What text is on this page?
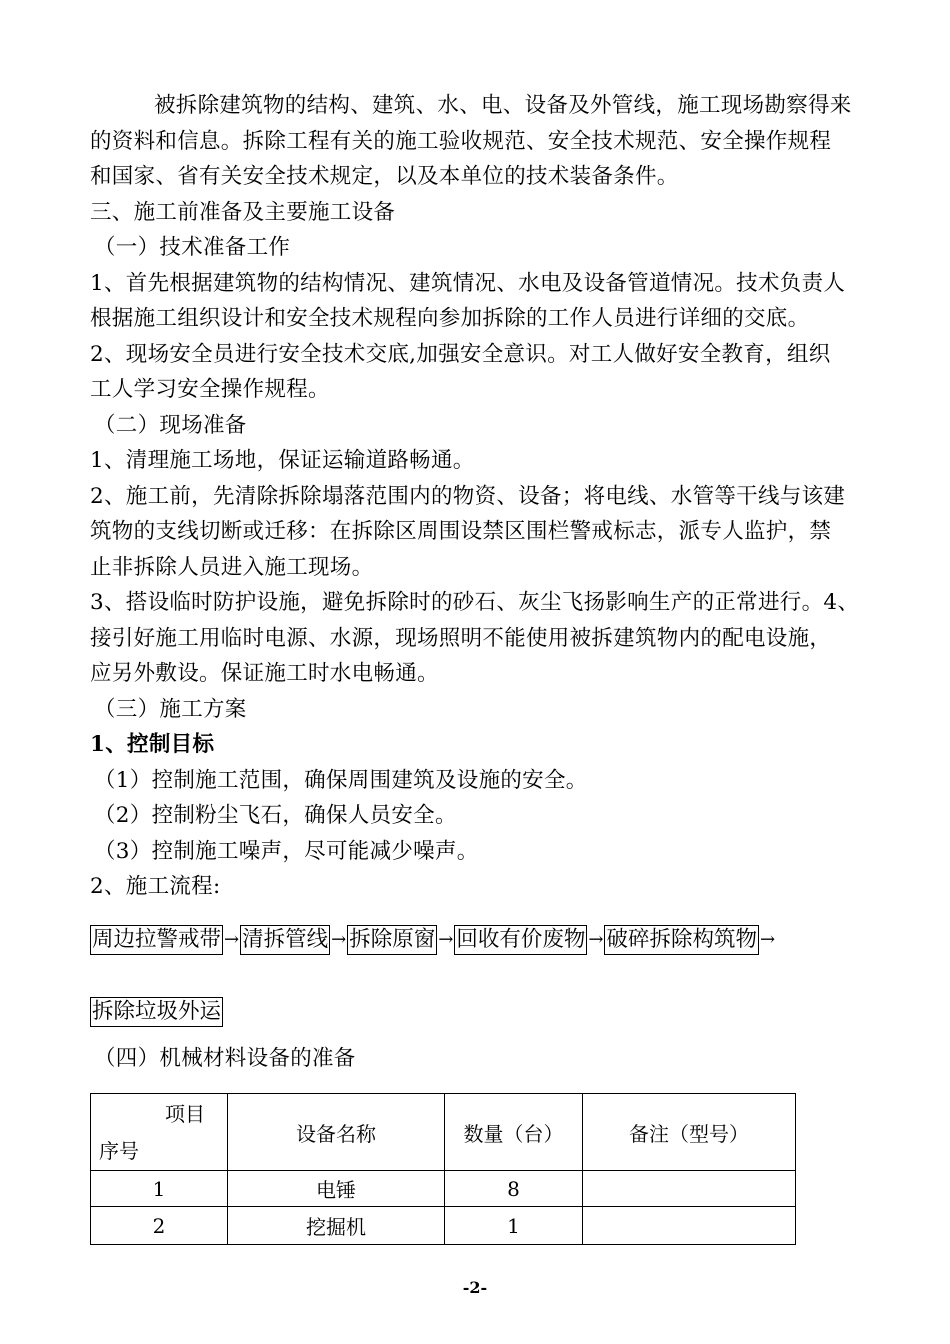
被拆除建筑物的结构、建筑、水、电、设备及外管线，施工现场勘察得来

的资料和信息。拆除工程有关的施工验收规范、安全技术规范、安全操作规程

和国家、省有关安全技术规定，以及本单位的技术装备条件。

三、施工前准备及主要施工设备

（一）技术准备工作

1、首先根据建筑物的结构情况、建筑情况、水电及设备管道情况。技术负责人

根据施工组织设计和安全技术规程向参加拆除的工作人员进行详细的交底。

2、现场安全员进行安全技术交底,加强安全意识。对工人做好安全教育，组织

工人学习安全操作规程。

（二）现场准备

1、清理施工场地，保证运输道路畅通。

2、施工前，先清除拆除塌落范围内的物资、设备；将电线、水管等干线与该建

筑物的支线切断或迁移：在拆除区周围设禁区围栏警戒标志，派专人监护，禁

止非拆除人员进入施工现场。

3、搭设临时防护设施，避免拆除时的砂石、灰尘飞扬影响生产的正常进行。4、

接引好施工用临时电源、水源，现场照明不能使用被拆建筑物内的配电设施，

应另外敷设。保证施工时水电畅通。

（三）施工方案

1、控制目标

（1）控制施工范围，确保周围建筑及设施的安全。

（2）控制粉尘飞石，确保人员安全。

（3）控制施工噪声，尽可能减少噪声。

2、施工流程:

周边拉警戒带 → 清拆管线 → 拆除原窗 → 回收有价废物 → 破碎拆除构筑物 →
拆除垃圾外运

（四）机械材料设备的准备

项目
序号	设备名称	数量（台）	备注（型号）
1	电锤	8	
2	挖掘机	1	
-2-
